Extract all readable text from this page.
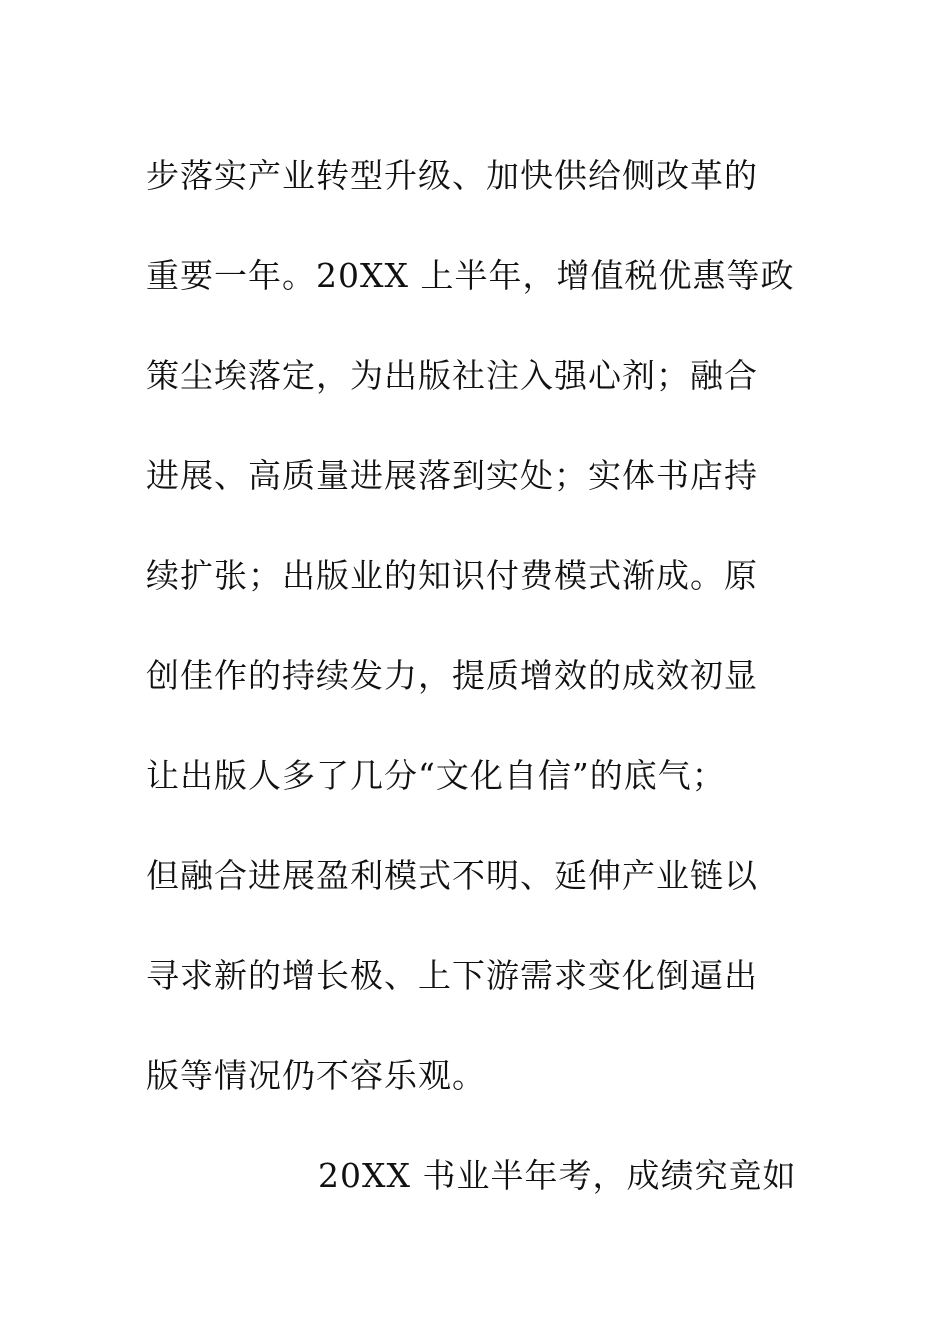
步落实产业转型升级、加快供给侧改革的
重要一年。20XX 上半年，增值税优惠等政
策尘埃落定，为出版社注入强心剂；融合
进展、高质量进展落到实处；实体书店持
续扩张；出版业的知识付费模式渐成。原
创佳作的持续发力，提质增效的成效初显
让出版人多了几分“文化自信”的底气；
但融合进展盈利模式不明、延伸产业链以
寻求新的增长极、上下游需求变化倒逼出
版等情况仍不容乐观。
20XX 书业半年考，成绩究竟如
